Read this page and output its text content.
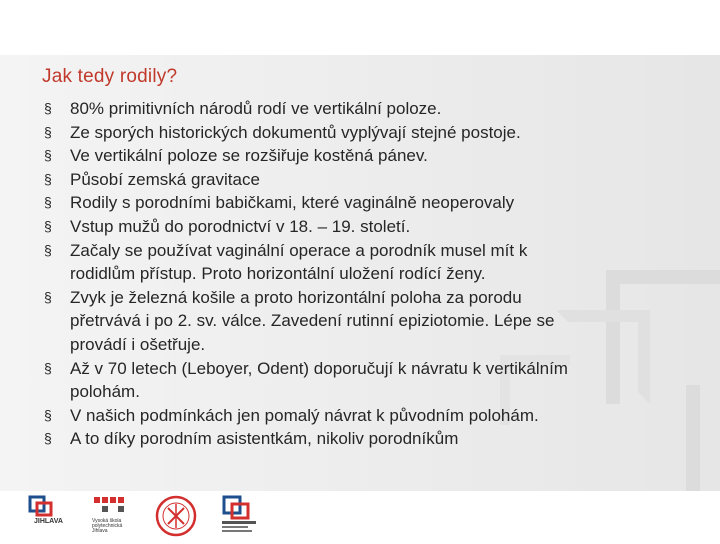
Jak tedy rodily?
§ 80% primitivních národů rodí ve vertikální poloze.
§ Ze sporých historických dokumentů vyplývají stejné postoje.
§ Ve vertikální poloze se rozšiřuje kostěná pánev.
§ Působí zemská gravitace
§ Rodily s porodními babičkami, které vaginálně neoperovaly
§ Vstup mužů do porodnictví v 18. – 19. století.
§ Začaly se používat vaginální operace a porodník musel mít k
rodidlům přístup. Proto horizontální uložení rodící ženy.
§ Zvyk je železná košile a proto horizontální poloha za porodu
přetrvává i po 2. sv. válce. Zavedení rutinní epiziotomie. Lépe se
provádí i ošetřuje.
§ Až v 70 letech (Leboyer, Odent) doporučují k návratu k vertikálním
polohám.
§ V našich podmínkách jen pomalý návrat k původním polohám.
§ A to díky porodním asistentkám, nikoliv porodníkům
JIHLAVA	Vysoká škola polytechnická Jihlava
